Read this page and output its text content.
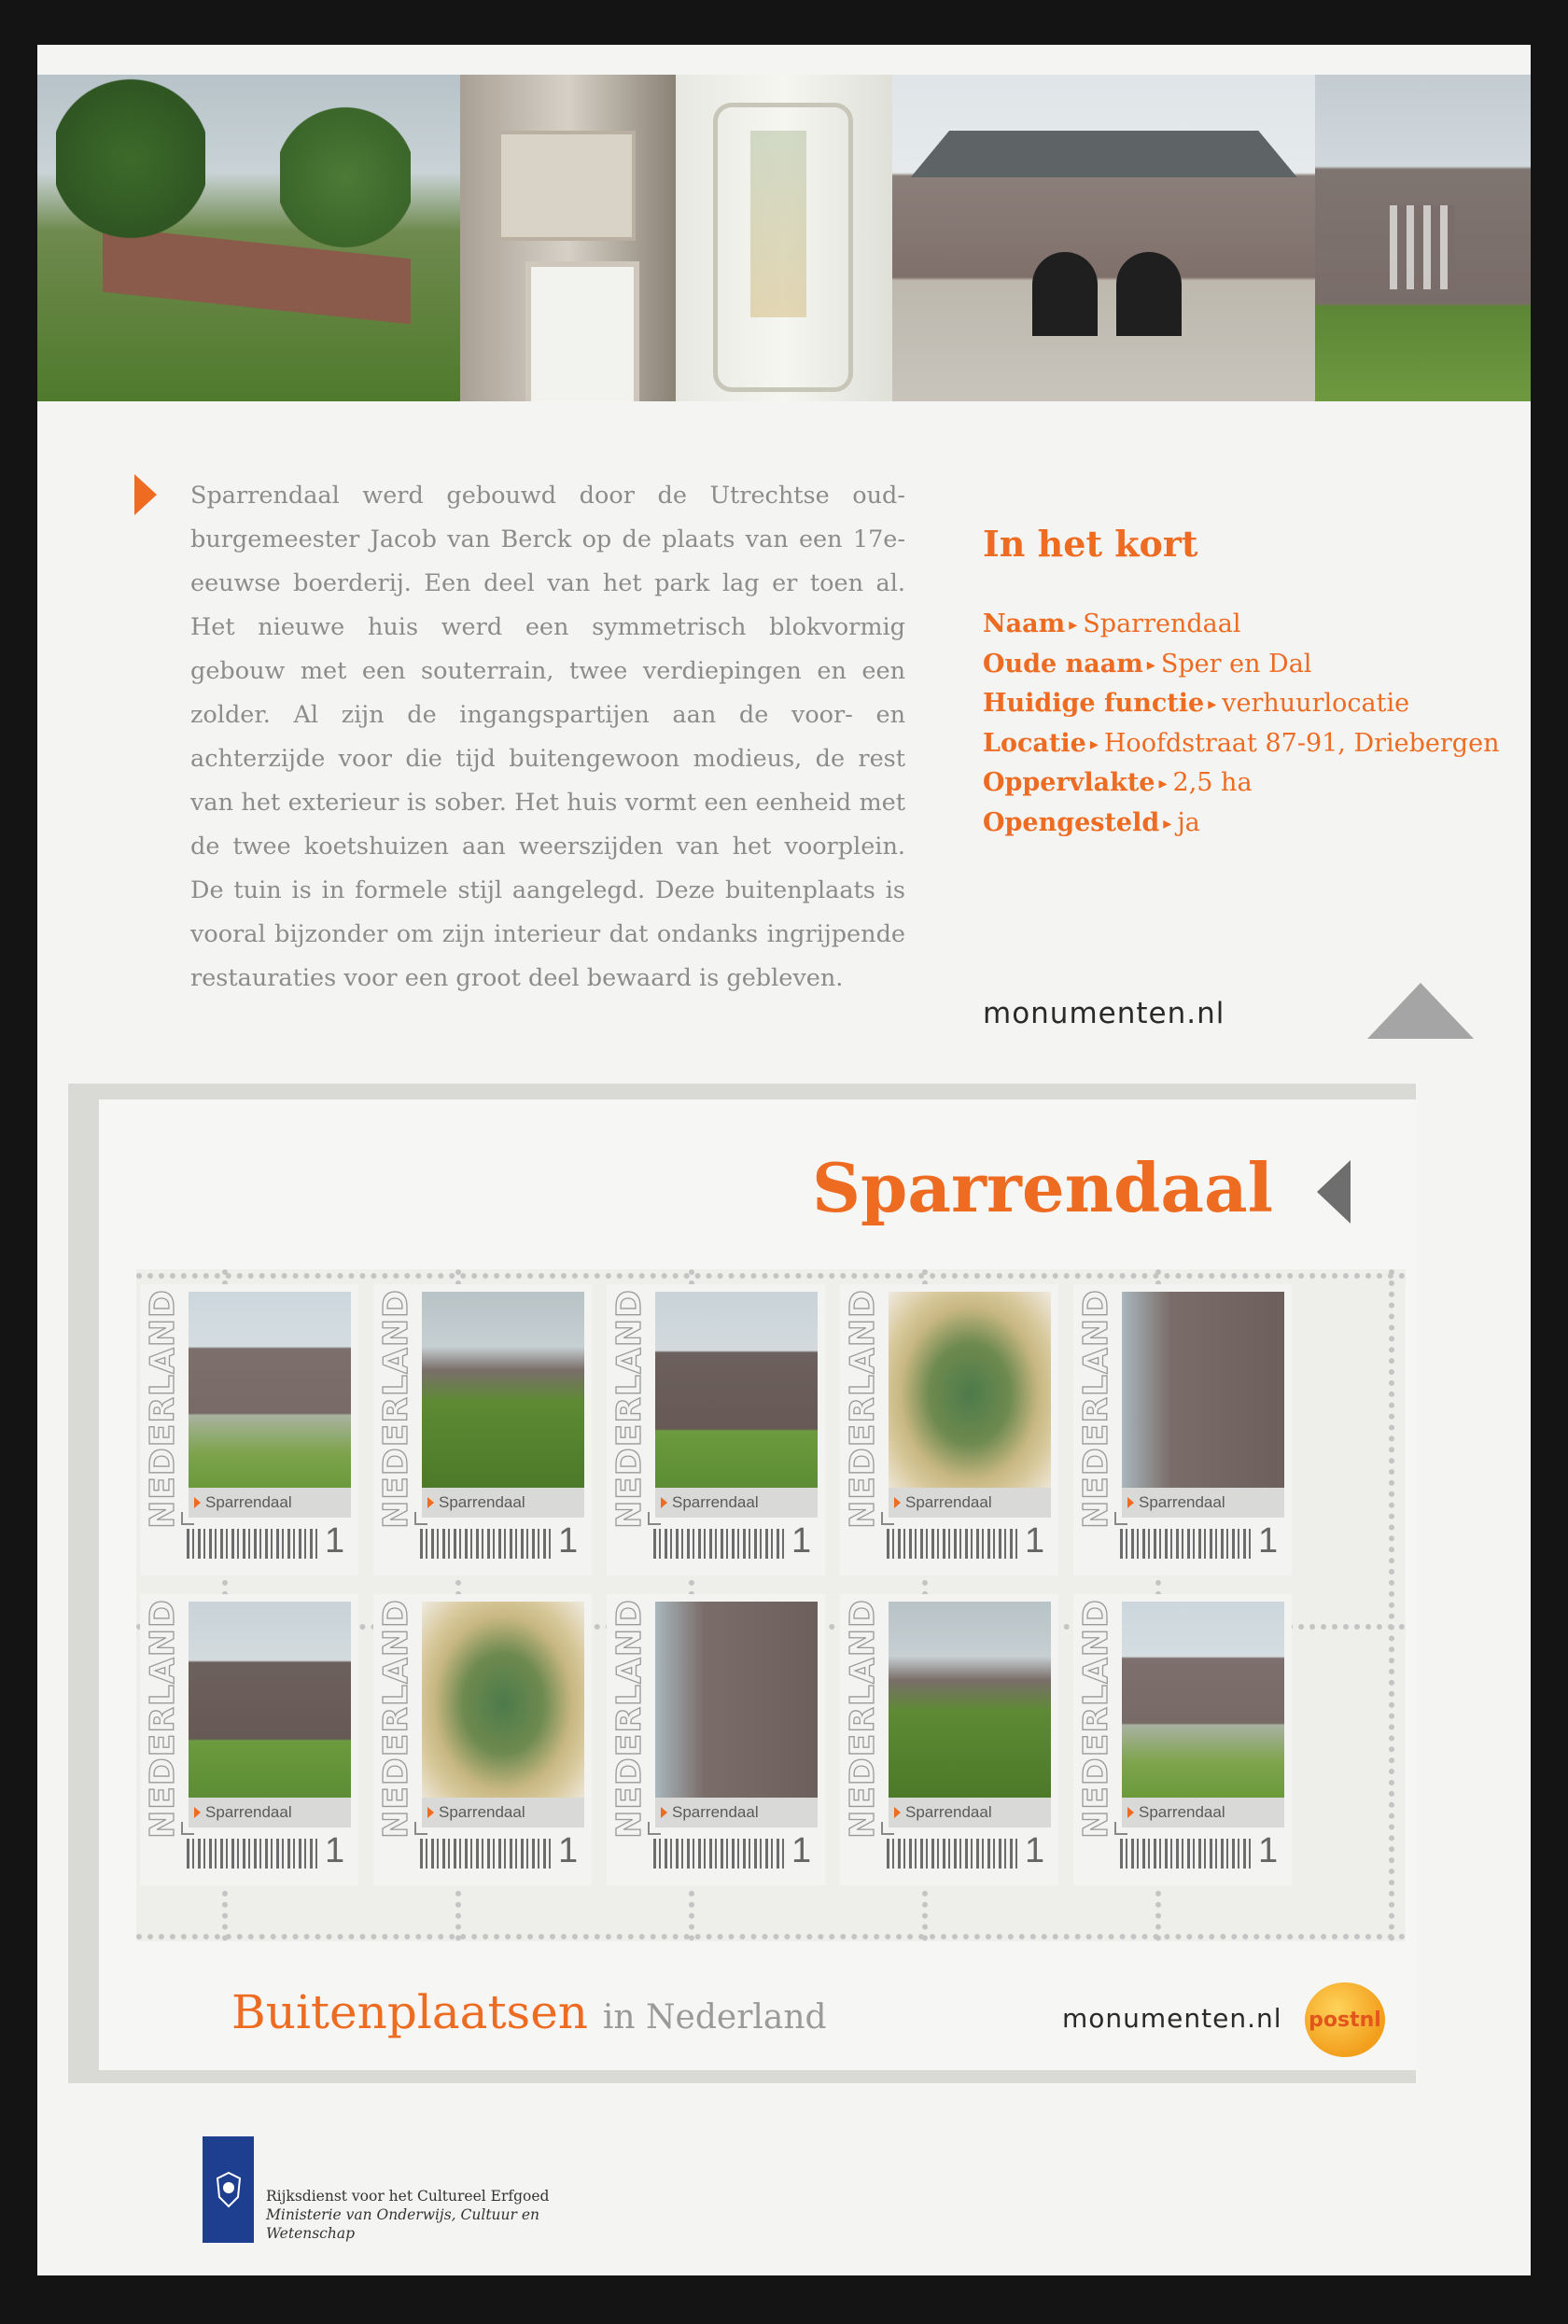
Sparrendaal werd gebouwd door de Utrechtse oud-burgemeester Jacob van Berck op de plaats van een 17e-eeuwse boerderij. Een deel van het park lag er toen al. Het nieuwe huis werd een symmetrisch blokvormig gebouw met een souterrain, twee verdiepingen en een zolder. Al zijn de ingangspartijen aan de voor- en achterzijde voor die tijd buitengewoon modieus, de rest van het exterieur is sober. Het huis vormt een eenheid met de twee koetshuizen aan weerszijden van het voorplein. De tuin is in formele stijl aangelegd. Deze buitenplaats is vooral bijzonder om zijn interieur dat ondanks ingrijpende restauraties voor een groot deel bewaard is gebleven.
In het kort
Naam ▸ Sparrendaal
Oude naam ▸ Sper en Dal
Huidige functie ▸ verhuurlocatie
Locatie ▸ Hoofdstraat 87-91, Driebergen
Oppervlakte ▸ 2,5 ha
Opengesteld ▸ ja
monumenten.nl
Sparrendaal
NEDERLAND Sparrendaal
1
NEDERLAND Sparrendaal
1
NEDERLAND Sparrendaal
1
NEDERLAND Sparrendaal
1
NEDERLAND Sparrendaal
1
NEDERLAND Sparrendaal
1
NEDERLAND Sparrendaal
1
NEDERLAND Sparrendaal
1
NEDERLAND Sparrendaal
1
NEDERLAND Sparrendaal
1
Buitenplaatsen in Nederland	monumenten.nl postnl
Rijksdienst voor het Cultureel Erfgoed
Ministerie van Onderwijs, Cultuur en
Wetenschap
